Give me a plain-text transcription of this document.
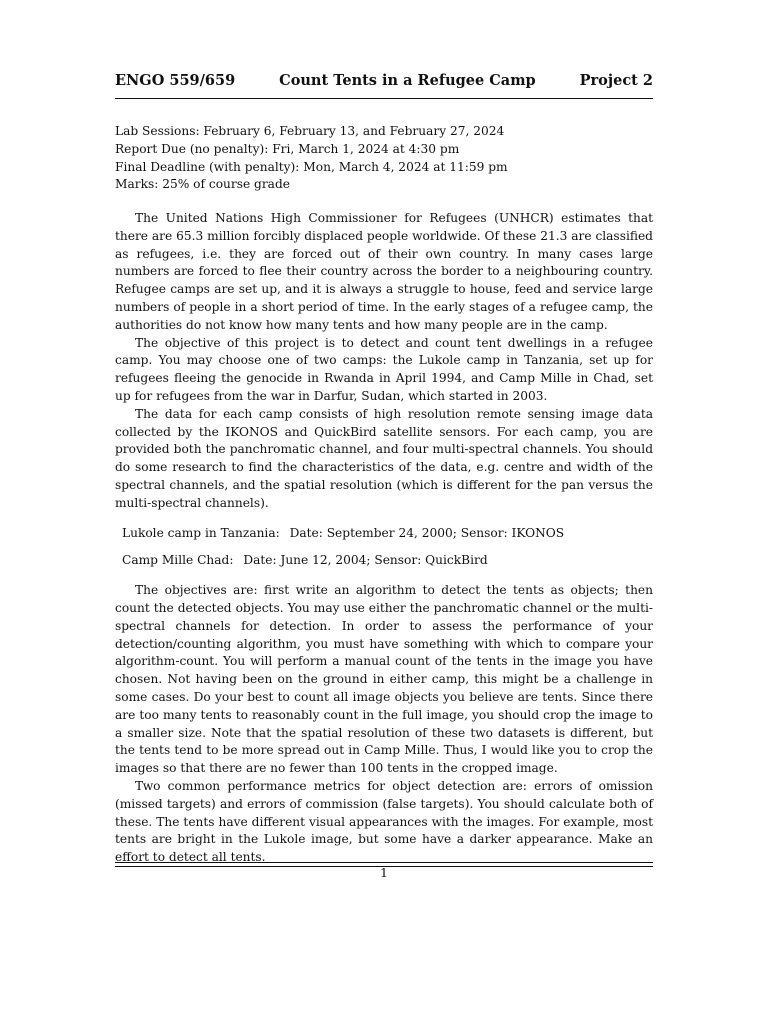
ENGO 559/659	Count Tents in a Refugee Camp	Project 2
Lab Sessions: February 6, February 13, and February 27, 2024
Report Due (no penalty): Fri, March 1, 2024 at 4:30 pm
Final Deadline (with penalty): Mon, March 4, 2024 at 11:59 pm
Marks: 25% of course grade

The United Nations High Commissioner for Refugees (UNHCR) estimates that there are 65.3 million forcibly displaced people worldwide. Of these 21.3 are classified as refugees, i.e. they are forced out of their own country. In many cases large numbers are forced to flee their country across the border to a neighbouring country. Refugee camps are set up, and it is always a struggle to house, feed and service large numbers of people in a short period of time. In the early stages of a refugee camp, the authorities do not know how many tents and how many people are in the camp.

The objective of this project is to detect and count tent dwellings in a refugee camp. You may choose one of two camps: the Lukole camp in Tanzania, set up for refugees fleeing the genocide in Rwanda in April 1994, and Camp Mille in Chad, set up for refugees from the war in Darfur, Sudan, which started in 2003.

The data for each camp consists of high resolution remote sensing image data collected by the IKONOS and QuickBird satellite sensors. For each camp, you are provided both the panchromatic channel, and four multi-spectral channels. You should do some research to find the characteristics of the data, e.g. centre and width of the spectral channels, and the spatial resolution (which is different for the pan versus the multi-spectral channels).

Lukole camp in Tanzania: Date: September 24, 2000; Sensor: IKONOS
Camp Mille Chad: Date: June 12, 2004; Sensor: QuickBird

The objectives are: first write an algorithm to detect the tents as objects; then count the detected objects. You may use either the panchromatic channel or the multi-spectral channels for detection. In order to assess the performance of your detection/counting algorithm, you must have something with which to compare your algorithm-count. You will perform a manual count of the tents in the image you have chosen. Not having been on the ground in either camp, this might be a challenge in some cases. Do your best to count all image objects you believe are tents. Since there are too many tents to reasonably count in the full image, you should crop the image to a smaller size. Note that the spatial resolution of these two datasets is different, but the tents tend to be more spread out in Camp Mille. Thus, I would like you to crop the images so that there are no fewer than 100 tents in the cropped image.

Two common performance metrics for object detection are: errors of omission (missed targets) and errors of commission (false targets). You should calculate both of these. The tents have different visual appearances with the images. For example, most tents are bright in the Lukole image, but some have a darker appearance. Make an effort to detect all tents.

1
